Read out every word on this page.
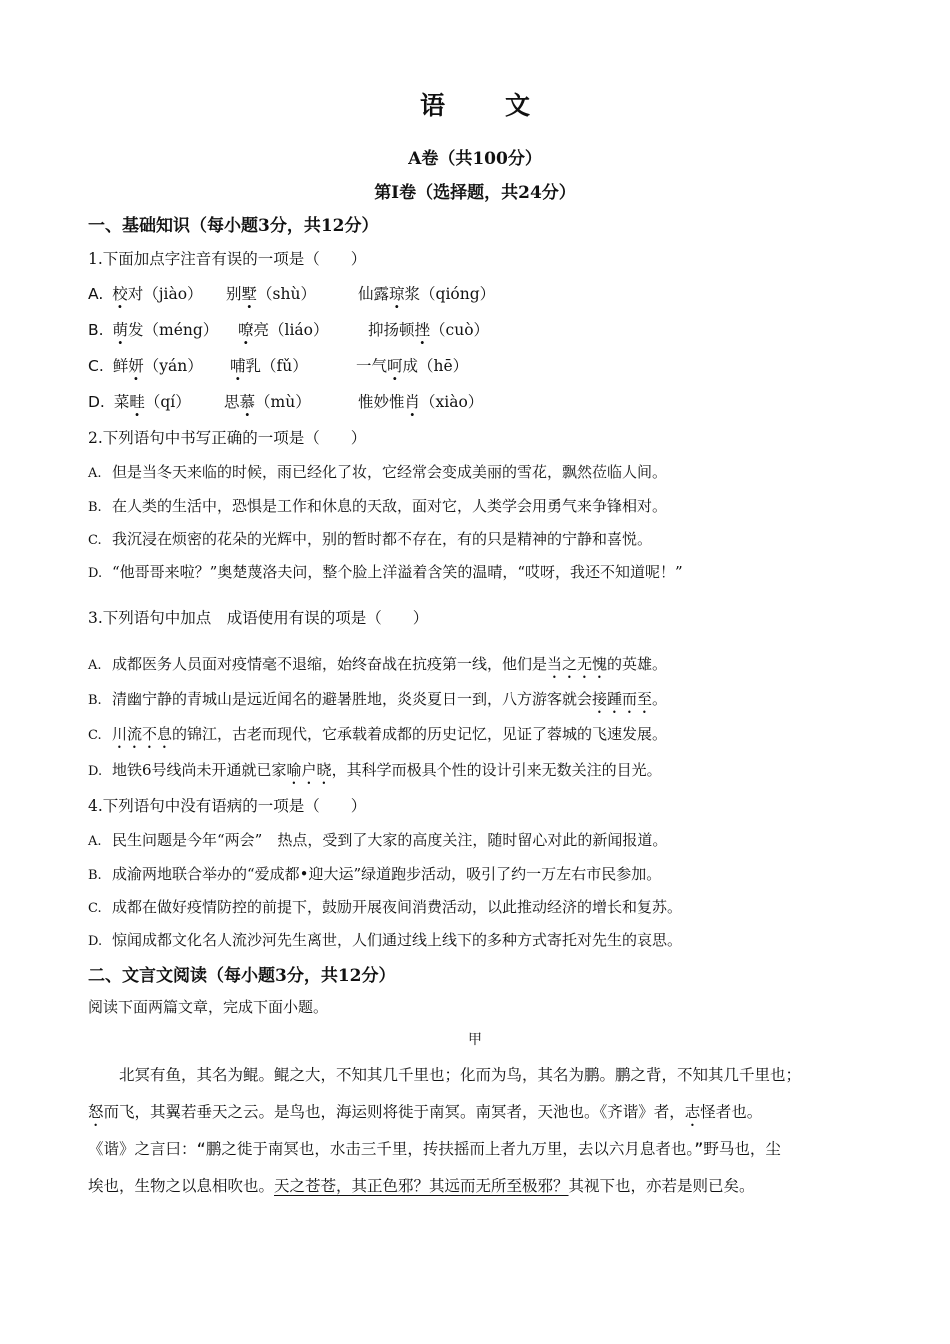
语 文
A卷（共100分）
第Ⅰ卷（选择题，共24分）
一、基础知识（每小题3分，共12分）
1.下面加点字注音有误的一项是（　　）
A. 校对（jiào） 别墅（shù）	仙露琼浆（qióng）
B. 萌发（méng） 嘹亮（liáo）	抑扬顿挫（cuò）
C. 鲜妍（yán） 哺乳（fǔ）	一气呵成（hē）
D. 菜畦（qí） 思慕（mù）	惟妙惟肖（xiào）
2.下列语句中书写正确的一项是（　　）
A. 但是当冬天来临的时候，雨已经化了妆，它经常会变成美丽的雪花，飘然莅临人间。
B. 在人类的生活中，恐惧是工作和休息的天敌，面对它，人类学会用勇气来争锋相对。
C. 我沉浸在烦密的花朵的光辉中，别的暂时都不存在，有的只是精神的宁静和喜悦。
D. “他哥哥来啦？”奥楚蔑洛夫问，整个脸上洋溢着含笑的温晴，“哎呀，我还不知道呢！”
3.下列语句中加点　成语使用有误的项是（　　）
A. 成都医务人员面对疫情毫不退缩，始终奋战在抗疫第一线，他们是当之无愧的英雄。
B. 清幽宁静的青城山是远近闻名的避暑胜地，炎炎夏日一到，八方游客就会接踵而至。
C. 川流不息的锦江，古老而现代，它承载着成都的历史记忆，见证了蓉城的飞速发展。
D. 地铁6号线尚未开通就已家喻户晓，其科学而极具个性的设计引来无数关注的目光。
4.下列语句中没有语病的一项是（　　）
A. 民生问题是今年“两会”　热点，受到了大家的高度关注，随时留心对此的新闻报道。
B. 成渝两地联合举办的“爱成都•迎大运”绿道跑步活动，吸引了约一万左右市民参加。
C. 成都在做好疫情防控的前提下，鼓励开展夜间消费活动，以此推动经济的增长和复苏。
D. 惊闻成都文化名人流沙河先生离世，人们通过线上线下的多种方式寄托对先生的哀思。
二、文言文阅读（每小题3分，共12分）
阅读下面两篇文章，完成下面小题。
甲
北冥有鱼，其名为鲲。鲲之大，不知其几千里也；化而为鸟，其名为鹏。鹏之背，不知其几千里也；
怒而飞，其翼若垂天之云。是鸟也，海运则将徙于南冥。南冥者，天池也。《齐谐》者，志怪者也。
《谐》之言曰：“鹏之徙于南冥也，水击三千里，抟扶摇而上者九万里，去以六月息者也。”野马也，尘
埃也，生物之以息相吹也。天之苍苍，其正色邪？其远而无所至极邪？其视下也，亦若是则已矣。
